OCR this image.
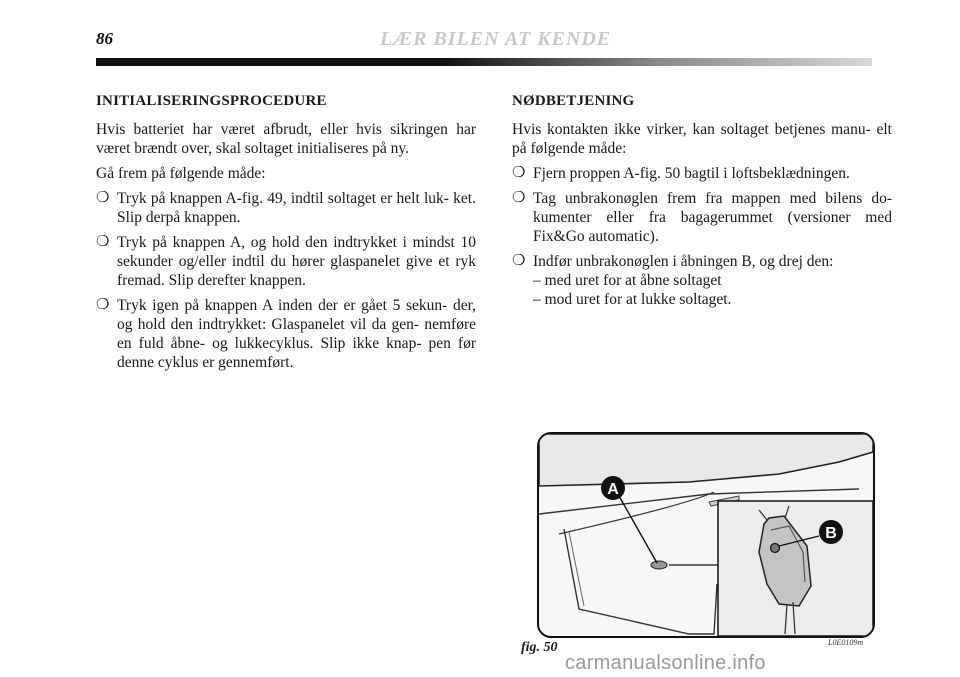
86	LÆR BILEN AT KENDE
INITIALISERINGSPROCEDURE

Hvis batteriet har været afbrudt, eller hvis sikringen har været brændt over, skal soltaget initialiseres på ny.

Gå frem på følgende måde:

❍ Tryk på knappen A-fig. 49, indtil soltaget er helt luk- ket. Slip derpå knappen.
❍ Tryk på knappen A, og hold den indtrykket i mindst 10 sekunder og/eller indtil du hører glaspanelet give et ryk fremad. Slip derefter knappen.
❍ Tryk igen på knappen A inden der er gået 5 sekun- der, og hold den indtrykket: Glaspanelet vil da gen- nemføre en fuld åbne- og lukkecyklus. Slip ikke knap- pen før denne cyklus er gennemført.
NØDBETJENING

Hvis kontakten ikke virker, kan soltaget betjenes manu- elt på følgende måde:

❍ Fjern proppen A-fig. 50 bagtil i loftsbeklædningen.
❍ Tag unbrakonøglen frem fra mappen med bilens do- kumenter eller fra bagagerummet (versioner med Fix&Go automatic).
❍ Indfør unbrakonøglen i åbningen B, og drej den:
– med uret for at åbne soltaget
– mod uret for at lukke soltaget.
A
B
fig. 50	L0E0109m
carmanualsonline.info
